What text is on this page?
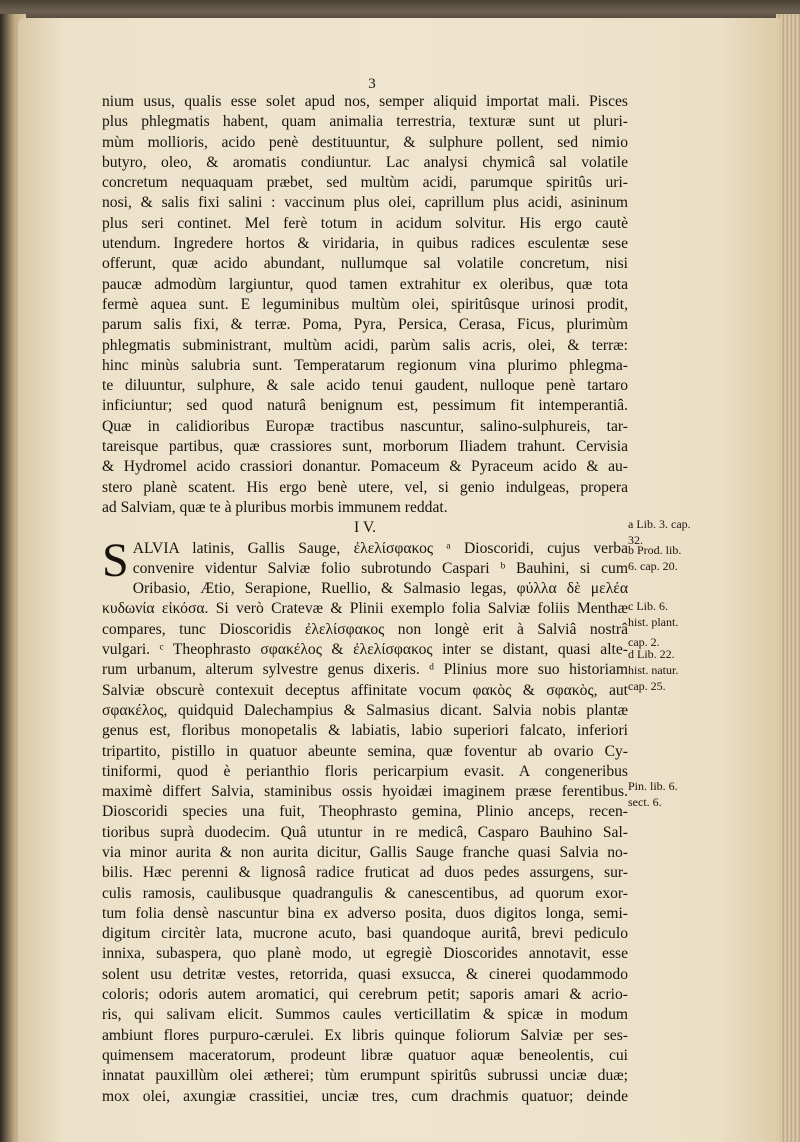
3
nium usus, qualis esse solet apud nos, semper aliquid importat mali. Pisces
plus phlegmatis habent, quam animalia terrestria, texturæ sunt ut pluri-
mùm mollioris, acido penè destituuntur, & sulphure pollent, sed nimio
butyro, oleo, & aromatis condiuntur. Lac analysi chymicâ sal volatile
concretum nequaquam præbet, sed multùm acidi, parumque spiritûs uri-
nosi, & salis fixi salini : vaccinum plus olei, caprillum plus acidi, asininum
plus seri continet. Mel ferè totum in acidum solvitur. His ergo cautè
utendum. Ingredere hortos & viridaria, in quibus radices esculentæ sese
offerunt, quæ acido abundant, nullumque sal volatile concretum, nisi
paucæ admodùm largiuntur, quod tamen extrahitur ex oleribus, quæ tota
fermè aquea sunt. E leguminibus multùm olei, spiritûsque urinosi prodit,
parum salis fixi, & terræ. Poma, Pyra, Persica, Cerasa, Ficus, plurimùm
phlegmatis subministrant, multùm acidi, parùm salis acris, olei, & terræ:
hinc minùs salubria sunt. Temperatarum regionum vina plurimo phlegma-
te diluuntur, sulphure, & sale acido tenui gaudent, nulloque penè tartaro
inficiuntur; sed quod naturâ benignum est, pessimum fit intemperantiâ.
Quæ in calidioribus Europæ tractibus nascuntur, salino-sulphureis, tar-
tareisque partibus, quæ crassiores sunt, morborum Iliadem trahunt. Cervisia
& Hydromel acido crassiori donantur. Pomaceum & Pyraceum acido & au-
stero planè scatent. His ergo benè utere, vel, si genio indulgeas, propera
ad Salviam, quæ te à pluribus morbis immunem reddat.
I V.
S ALVIA latinis, Gallis Sauge, ἐλελίσφακος ᵃ Dioscoridi, cujus verba
convenire videntur Salviæ folio subrotundo Caspari ᵇ Bauhini, si cum
Oribasio, Ætio, Serapione, Ruellio, & Salmasio legas, φύλλα δὲ μελέα
κυδωνία εἰκόσα. Si verò Cratevæ & Plinii exemplo folia Salviæ foliis Menthæ
compares, tunc Dioscoridis ἐλελίσφακος non longè erit à Salviâ nostrâ
vulgari. ᶜ Theophrasto σφακέλος & ἐλελίσφακος inter se distant, quasi alte-
rum urbanum, alterum sylvestre genus dixeris. ᵈ Plinius more suo historiam
Salviæ obscurè contexuit deceptus affinitate vocum φακὸς & σφακὸς, aut
σφακέλος, quidquid Dalechampius & Salmasius dicant. Salvia nobis plantæ
genus est, floribus monopetalis & labiatis, labio superiori falcato, inferiori
tripartito, pistillo in quatuor abeunte semina, quæ foventur ab ovario Cy-
tiniformi, quod è perianthio floris pericarpium evasit. A congeneribus
maximè differt Salvia, staminibus ossis hyoidæi imaginem præse ferentibus.
Dioscoridi species una fuit, Theophrasto gemina, Plinio anceps, recen-
tioribus suprà duodecim. Quâ utuntur in re medicâ, Casparo Bauhino Sal-
via minor aurita & non aurita dicitur, Gallis Sauge franche quasi Salvia no-
bilis. Hæc perenni & lignosâ radice fruticat ad duos pedes assurgens, sur-
culis ramosis, caulibusque quadrangulis & canescentibus, ad quorum exor-
tum folia densè nascuntur bina ex adverso posita, duos digitos longa, semi-
digitum circitèr lata, mucrone acuto, basi quandoque auritâ, brevi pediculo
innixa, subaspera, quo planè modo, ut egregiè Dioscorides annotavit, esse
solent usu detritæ vestes, retorrida, quasi exsucca, & cinerei quodammodo
coloris; odoris autem aromatici, qui cerebrum petit; saporis amari & acrio-
ris, qui salivam elicit. Summos caules verticillatim & spicæ in modum
ambiunt flores purpuro-cærulei. Ex libris quinque foliorum Salviæ per ses-
quimensem maceratorum, prodeunt libræ quatuor aquæ beneolentis, cui
innatat pauxillùm olei ætherei; tùm erumpunt spiritûs subrussi unciæ duæ;
mox olei, axungiæ crassitiei, unciæ tres, cum drachmis quatuor; deinde
a Lib. 3. cap.
32.
b Prod. lib.
6. cap. 20.
c Lib. 6.
hist. plant.
cap. 2.
d Lib. 22.
hist. natur.
cap. 25.
Pin. lib. 6.
sect. 6.
